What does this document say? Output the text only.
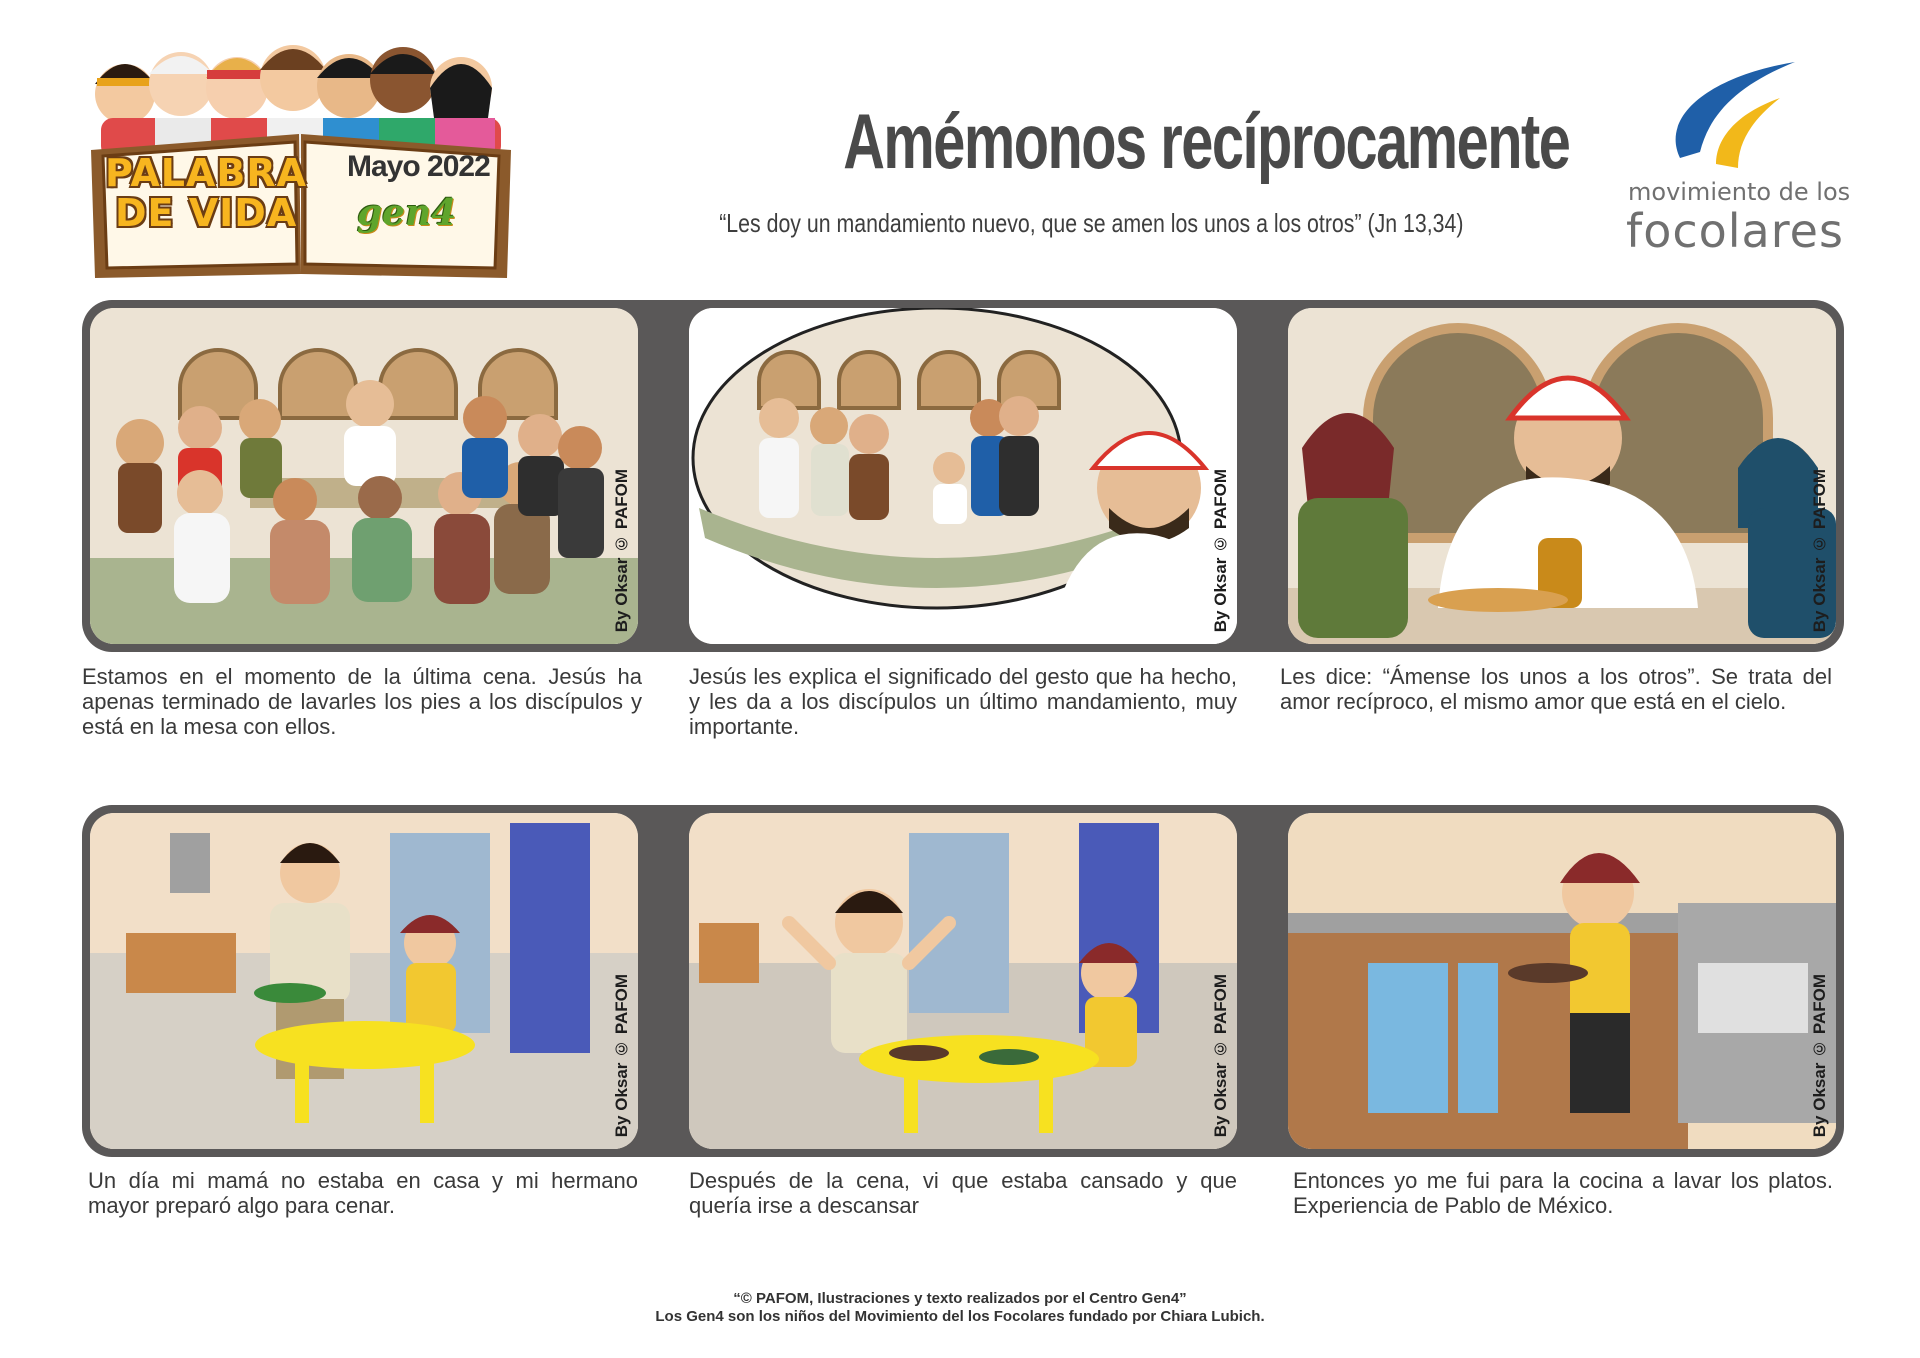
PALABRA
DE VIDA
Mayo 2022
gen4
Amémonos recíprocamente
“Les doy un mandamiento nuevo, que se amen los unos a los otros” (Jn 13,34)
movimiento de los
focolares
By Oksar © PAFOM	By Oksar © PAFOM	By Oksar © PAFOM
Estamos en el momento de la última cena. Jesús ha apenas terminado de lavarles los pies a los discípulos y está en la mesa con ellos.
Jesús les explica el significado del gesto que ha hecho, y les da a los discípulos un último mandamiento, muy importante.
Les dice: “Ámense los unos a los otros”. Se trata del amor recíproco, el mismo amor que está en el cielo.
By Oksar © PAFOM	By Oksar © PAFOM	By Oksar © PAFOM
Un día mi mamá no estaba en casa y mi hermano mayor preparó algo para cenar.
Después de la cena, vi que estaba cansado y que quería irse a descansar
Entonces yo me fui para la cocina a lavar los platos. Experiencia de Pablo de México.
“© PAFOM, Ilustraciones y texto realizados por el Centro Gen4”
Los Gen4 son los niños del Movimiento del los Focolares fundado por Chiara Lubich.
